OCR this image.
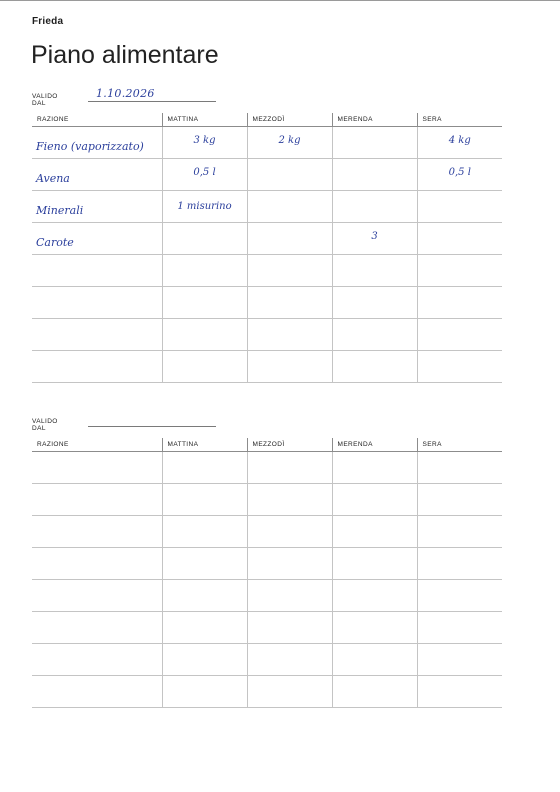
Frieda
Piano alimentare
VALIDO DAL
1.10.2026
RAZIONE	MATTINA	MEZZODÌ	MERENDA	SERA
Fieno (vaporizzato)	3 kg	2 kg		4 kg
Avena	0,5 l			0,5 l
Minerali	1 misurino			
Carote			3	

VALIDO DAL
RAZIONE	MATTINA	MEZZODÌ	MERENDA	SERA
